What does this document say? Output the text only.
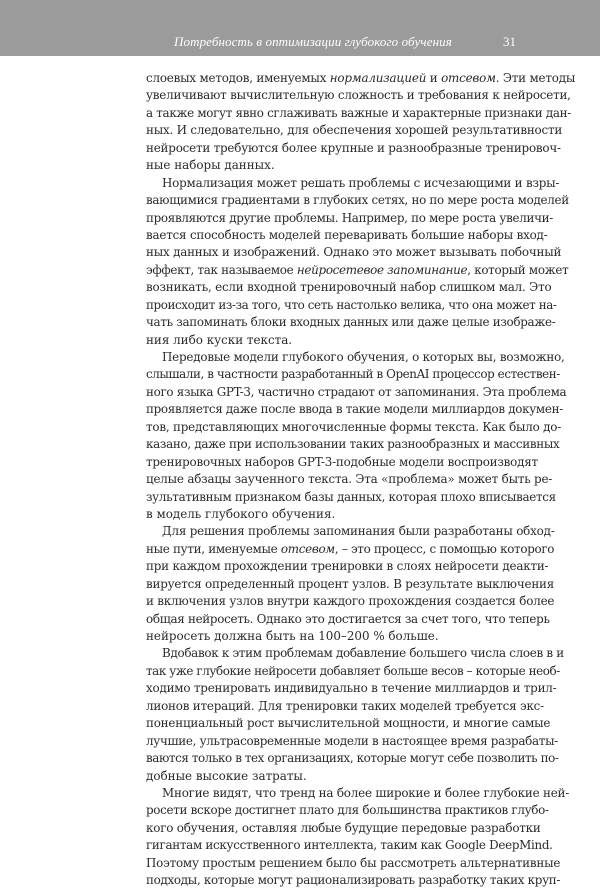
Потребность в оптимизации глубокого обучения	31
слоевых методов, именуемых нормализацией и отсевом. Эти методы
увеличивают вычислительную сложность и требования к нейросети,
а также могут явно сглаживать важные и характерные признаки дан-
ных. И следовательно, для обеспечения хорошей результативности
нейросети требуются более крупные и разнообразные тренировоч-
ные наборы данных.
Нормализация может решать проблемы с исчезающими и взры-
вающимися градиентами в глубоких сетях, но по мере роста моделей
проявляются другие проблемы. Например, по мере роста увеличи-
вается способность моделей переваривать большие наборы вход-
ных данных и изображений. Однако это может вызывать побочный
эффект, так называемое нейросетевое запоминание, который может
возникать, если входной тренировочный набор слишком мал. Это
происходит из-за того, что сеть настолько велика, что она может на-
чать запоминать блоки входных данных или даже целые изображе-
ния либо куски текста.
Передовые модели глубокого обучения, о которых вы, возможно,
слышали, в частности разработанный в OpenAI процессор естествен-
ного языка GPT-3, частично страдают от запоминания. Эта проблема
проявляется даже после ввода в такие модели миллиардов докумен-
тов, представляющих многочисленные формы текста. Как было до-
казано, даже при использовании таких разнообразных и массивных
тренировочных наборов GPT-3-подобные модели воспроизводят
целые абзацы заученного текста. Эта «проблема» может быть ре-
зультативным признаком базы данных, которая плохо вписывается
в модель глубокого обучения.
Для решения проблемы запоминания были разработаны обход-
ные пути, именуемые отсевом, – это процесс, с помощью которого
при каждом прохождении тренировки в слоях нейросети деакти-
вируется определенный процент узлов. В результате выключения
и включения узлов внутри каждого прохождения создается более
общая нейросеть. Однако это достигается за счет того, что теперь
нейросеть должна быть на 100–200 % больше.
Вдобавок к этим проблемам добавление большего числа слоев в и
так уже глубокие нейросети добавляет больше весов – которые необ-
ходимо тренировать индивидуально в течение миллиардов и трил-
лионов итераций. Для тренировки таких моделей требуется экс-
поненциальный рост вычислительной мощности, и многие самые
лучшие, ультрасовременные модели в настоящее время разрабаты-
ваются только в тех организациях, которые могут себе позволить по-
добные высокие затраты.
Многие видят, что тренд на более широкие и более глубокие ней-
росети вскоре достигнет плато для большинства практиков глубо-
кого обучения, оставляя любые будущие передовые разработки
гигантам искусственного интеллекта, таким как Google DeepMind.
Поэтому простым решением было бы рассмотреть альтернативные
подходы, которые могут рационализировать разработку таких круп-
